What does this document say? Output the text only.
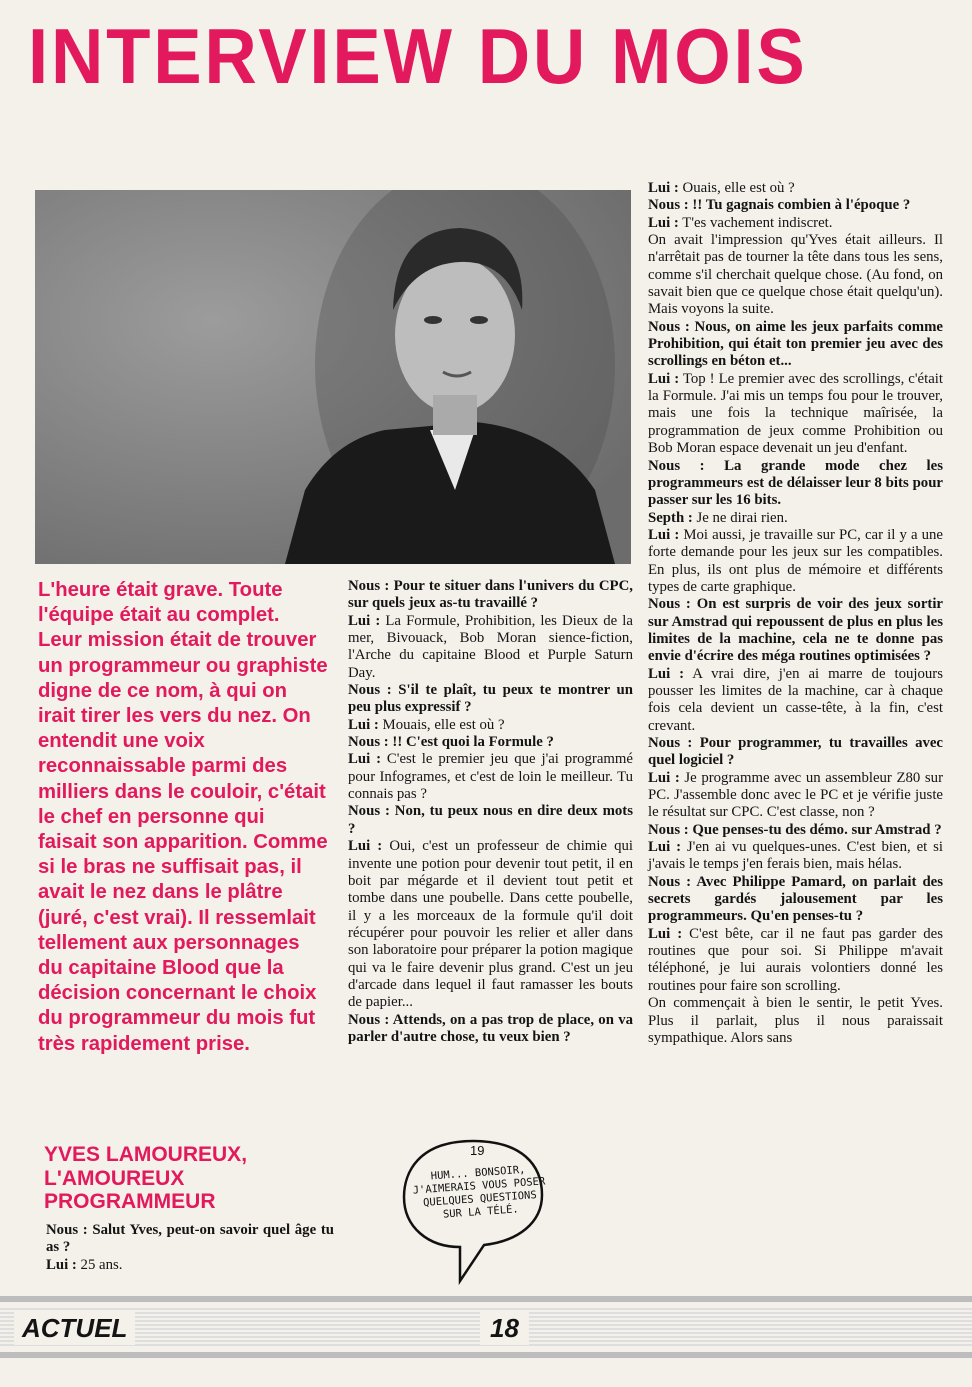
INTERVIEW DU MOIS
L'heure était grave. Toute l'équipe était au complet. Leur mission était de trouver un programmeur ou graphiste digne de ce nom, à qui on irait tirer les vers du nez. On entendit une voix reconnaissable parmi des milliers dans le couloir, c'était le chef en personne qui faisait son apparition. Comme si le bras ne suffisait pas, il avait le nez dans le plâtre (juré, c'est vrai). Il ressemlait tellement aux personnages du capitaine Blood que la décision concernant le choix du programmeur du mois fut très rapidement prise.
YVES LAMOUREUX, L'AMOUREUX PROGRAMMEUR

Nous : Salut Yves, peut-on savoir quel âge tu as ?

Lui : 25 ans.

Nous : Pour te situer dans l'univers du CPC, sur quels jeux as-tu travaillé ?

Lui : La Formule, Prohibition, les Dieux de la mer, Bivouack, Bob Moran sience-fiction, l'Arche du capitaine Blood et Purple Saturn Day.

Nous : S'il te plaît, tu peux te montrer un peu plus expressif ?

Lui : Mouais, elle est où ?

Nous : !! C'est quoi la Formule ?

Lui : C'est le premier jeu que j'ai programmé pour Infogrames, et c'est de loin le meilleur. Tu connais pas ?

Nous : Non, tu peux nous en dire deux mots ?

Lui : Oui, c'est un professeur de chimie qui invente une potion pour devenir tout petit, il en boit par mégarde et il devient tout petit et tombe dans une poubelle. Dans cette poubelle, il y a les morceaux de la formule qu'il doit récupérer pour pouvoir les relier et aller dans son laboratoire pour préparer la potion magique qui va le faire devenir plus grand. C'est un jeu d'arcade dans lequel il faut ramasser les bouts de papier...

Nous : Attends, on a pas trop de place, on va parler d'autre chose, tu veux bien ?

Lui : Ouais, elle est où ?

Nous : !! Tu gagnais combien à l'époque ?

Lui : T'es vachement indiscret.

On avait l'impression qu'Yves était ailleurs. Il n'arrêtait pas de tourner la tête dans tous les sens, comme s'il cherchait quelque chose. (Au fond, on savait bien que ce quelque chose était quelqu'un). Mais voyons la suite.

Nous : Nous, on aime les jeux parfaits comme Prohibition, qui était ton premier jeu avec des scrollings en béton et...

Lui : Top ! Le premier avec des scrollings, c'était la Formule. J'ai mis un temps fou pour le trouver, mais une fois la technique maîrisée, la programmation de jeux comme Prohibition ou Bob Moran espace devenait un jeu d'enfant.

Nous : La grande mode chez les programmeurs est de délaisser leur 8 bits pour passer sur les 16 bits.

Septh : Je ne dirai rien.

Lui : Moi aussi, je travaille sur PC, car il y a une forte demande pour les jeux sur les compatibles. En plus, ils ont plus de mémoire et différents types de carte graphique.

Nous : On est surpris de voir des jeux sortir sur Amstrad qui repoussent de plus en plus les limites de la machine, cela ne te donne pas envie d'écrire des méga routines optimisées ?

Lui : A vrai dire, j'en ai marre de toujours pousser les limites de la machine, car à chaque fois cela devient un casse-tête, à la fin, c'est crevant.

Nous : Pour programmer, tu travailles avec quel logiciel ?

Lui : Je programme avec un assembleur Z80 sur PC. J'assemble donc avec le PC et je vérifie juste le résultat sur CPC. C'est classe, non ?

Nous : Que penses-tu des démo. sur Amstrad ?

Lui : J'en ai vu quelques-unes. C'est bien, et si j'avais le temps j'en ferais bien, mais hélas.

Nous : Avec Philippe Pamard, on parlait des secrets gardés jalousement par les programmeurs. Qu'en penses-tu ?

Lui : C'est bête, car il ne faut pas garder des routines que pour soi. Si Philippe m'avait téléphoné, je lui aurais volontiers donné les routines pour faire son scrolling.

On commençait à bien le sentir, le petit Yves. Plus il parlait, plus il nous paraissait sympathique. Alors sans

19
HUM... BONSOIR, J'AIMERAIS VOUS POSER QUELQUES QUESTIONS SUR LA TÉLÉ.
ACTUEL	18
